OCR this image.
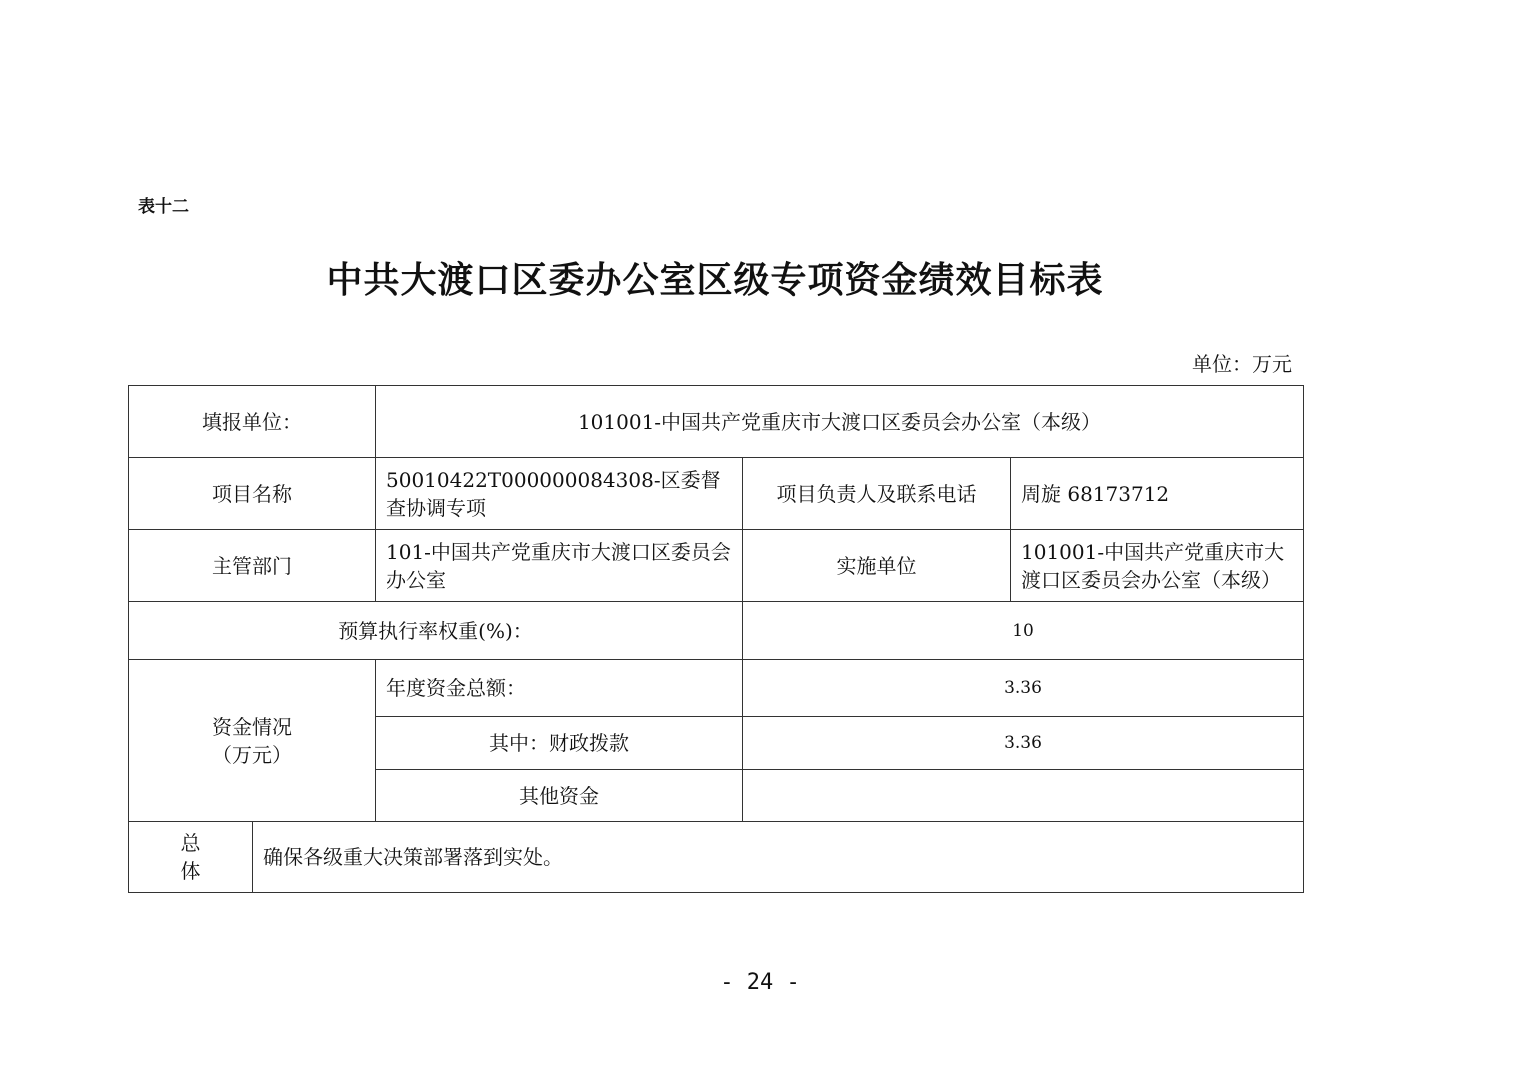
表十二
中共大渡口区委办公室区级专项资金绩效目标表
单位：万元
填报单位：		101001-中国共产党重庆市大渡口区委员会办公室（本级）		
项目名称		50010422T000000084308-区委督查协调专项	项目负责人及联系电话	周旋 68173712
主管部门		101-中国共产党重庆市大渡口区委员会办公室	实施单位	101001-中国共产党重庆市大渡口区委员会办公室（本级）
预算执行率权重(%)：			10	

资金情况
（万元）		年度资金总额：	3.36	
		其中：财政拨款	3.36	
		其他资金		

总
体	确保各级重大决策部署落到实处。			
- 24 -
